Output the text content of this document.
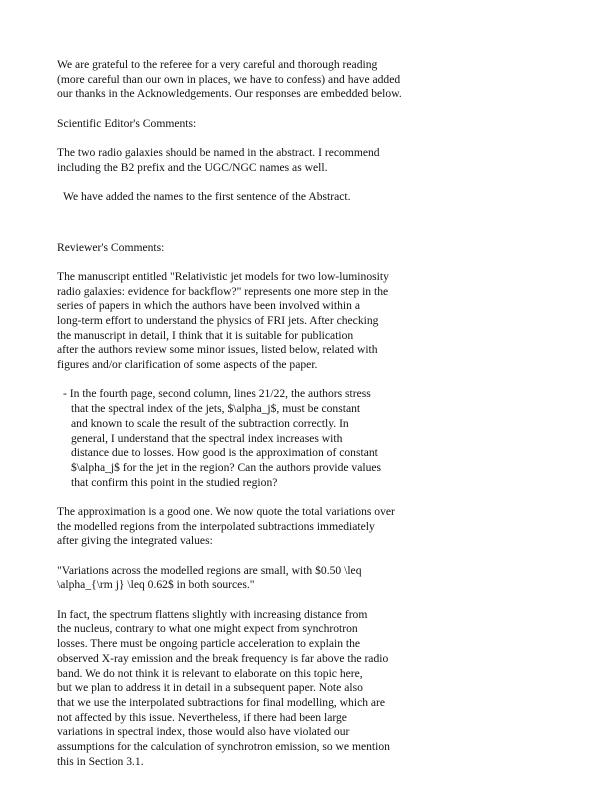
We are grateful to the referee for a very careful and thorough reading
(more careful than our own in places, we have to confess) and have added
our thanks in the Acknowledgements. Our responses are embedded below.
Scientific Editor's Comments:
The two radio galaxies should be named in the abstract. I recommend
including the B2 prefix and the UGC/NGC names as well.
We have added the names to the first sentence of the Abstract.
Reviewer's Comments:
The manuscript entitled "Relativistic jet models for two low-luminosity
radio galaxies: evidence for backflow?" represents one more step in the
series of papers in which the authors have been involved within a
long-term effort to understand the physics of FRI jets. After checking
the manuscript in detail, I think that it is suitable for publication
after the authors review some minor issues, listed below, related with
figures and/or clarification of some aspects of the paper.
- In the fourth page, second column, lines 21/22, the authors stress
that the spectral index of the jets, $\alpha_j$, must be constant
and known to scale the result of the subtraction correctly. In
general, I understand that the spectral index increases with
distance due to losses. How good is the approximation of constant
$\alpha_j$ for the jet in the region? Can the authors provide values
that confirm this point in the studied region?
The approximation is a good one. We now quote the total variations over
the modelled regions from the interpolated subtractions immediately
after giving the integrated values:
"Variations across the modelled regions are small, with $0.50 \leq
\alpha_{\rm j} \leq 0.62$ in both sources."
In fact, the spectrum flattens slightly with increasing distance from
the nucleus, contrary to what one might expect from synchrotron
losses. There must be ongoing particle acceleration to explain the
observed X-ray emission and the break frequency is far above the radio
band. We do not think it is relevant to elaborate on this topic here,
but we plan to address it in detail in a subsequent paper. Note also
that we use the interpolated subtractions for final modelling, which are
not affected by this issue. Nevertheless, if there had been large
variations in spectral index, those would also have violated our
assumptions for the calculation of synchrotron emission, so we mention
this in Section 3.1.
